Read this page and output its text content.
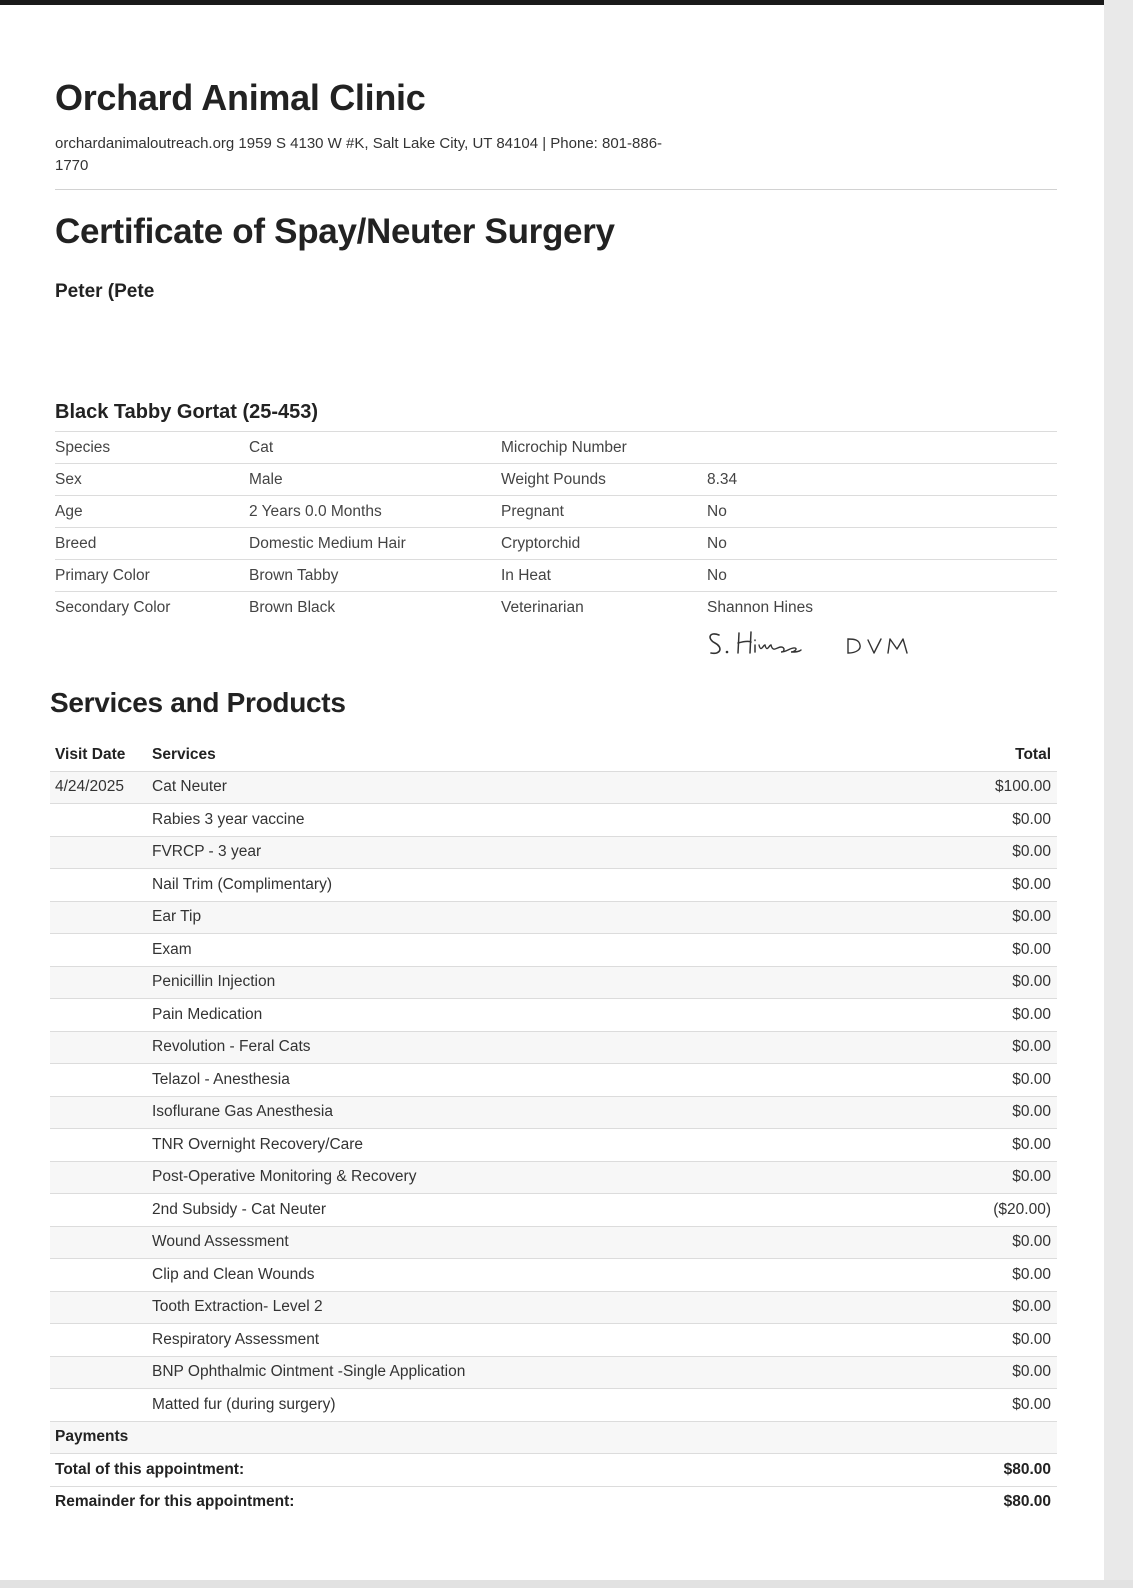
Orchard Animal Clinic
orchardanimaloutreach.org 1959 S 4130 W #K, Salt Lake City, UT 84104 | Phone: 801-886-1770
Certificate of Spay/Neuter Surgery
Peter (Pete
Black Tabby Gortat (25-453)
Species	Cat	Microchip Number	
Sex	Male	Weight Pounds	8.34
Age	2 Years 0.0 Months	Pregnant	No
Breed	Domestic Medium Hair	Cryptorchid	No
Primary Color	Brown Tabby	In Heat	No
Secondary Color	Brown Black	Veterinarian	Shannon Hines
Services and Products
Visit Date	Services	Total
4/24/2025	Cat Neuter	$100.00
	Rabies 3 year vaccine	$0.00
	FVRCP - 3 year	$0.00
	Nail Trim (Complimentary)	$0.00
	Ear Tip	$0.00
	Exam	$0.00
	Penicillin Injection	$0.00
	Pain Medication	$0.00
	Revolution - Feral Cats	$0.00
	Telazol - Anesthesia	$0.00
	Isoflurane Gas Anesthesia	$0.00
	TNR Overnight Recovery/Care	$0.00
	Post-Operative Monitoring & Recovery	$0.00
	2nd Subsidy - Cat Neuter	($20.00)
	Wound Assessment	$0.00
	Clip and Clean Wounds	$0.00
	Tooth Extraction- Level 2	$0.00
	Respiratory Assessment	$0.00
	BNP Ophthalmic Ointment -Single Application	$0.00
	Matted fur (during surgery)	$0.00
Payments		
Total of this appointment:		$80.00
Remainder for this appointment:		$80.00
